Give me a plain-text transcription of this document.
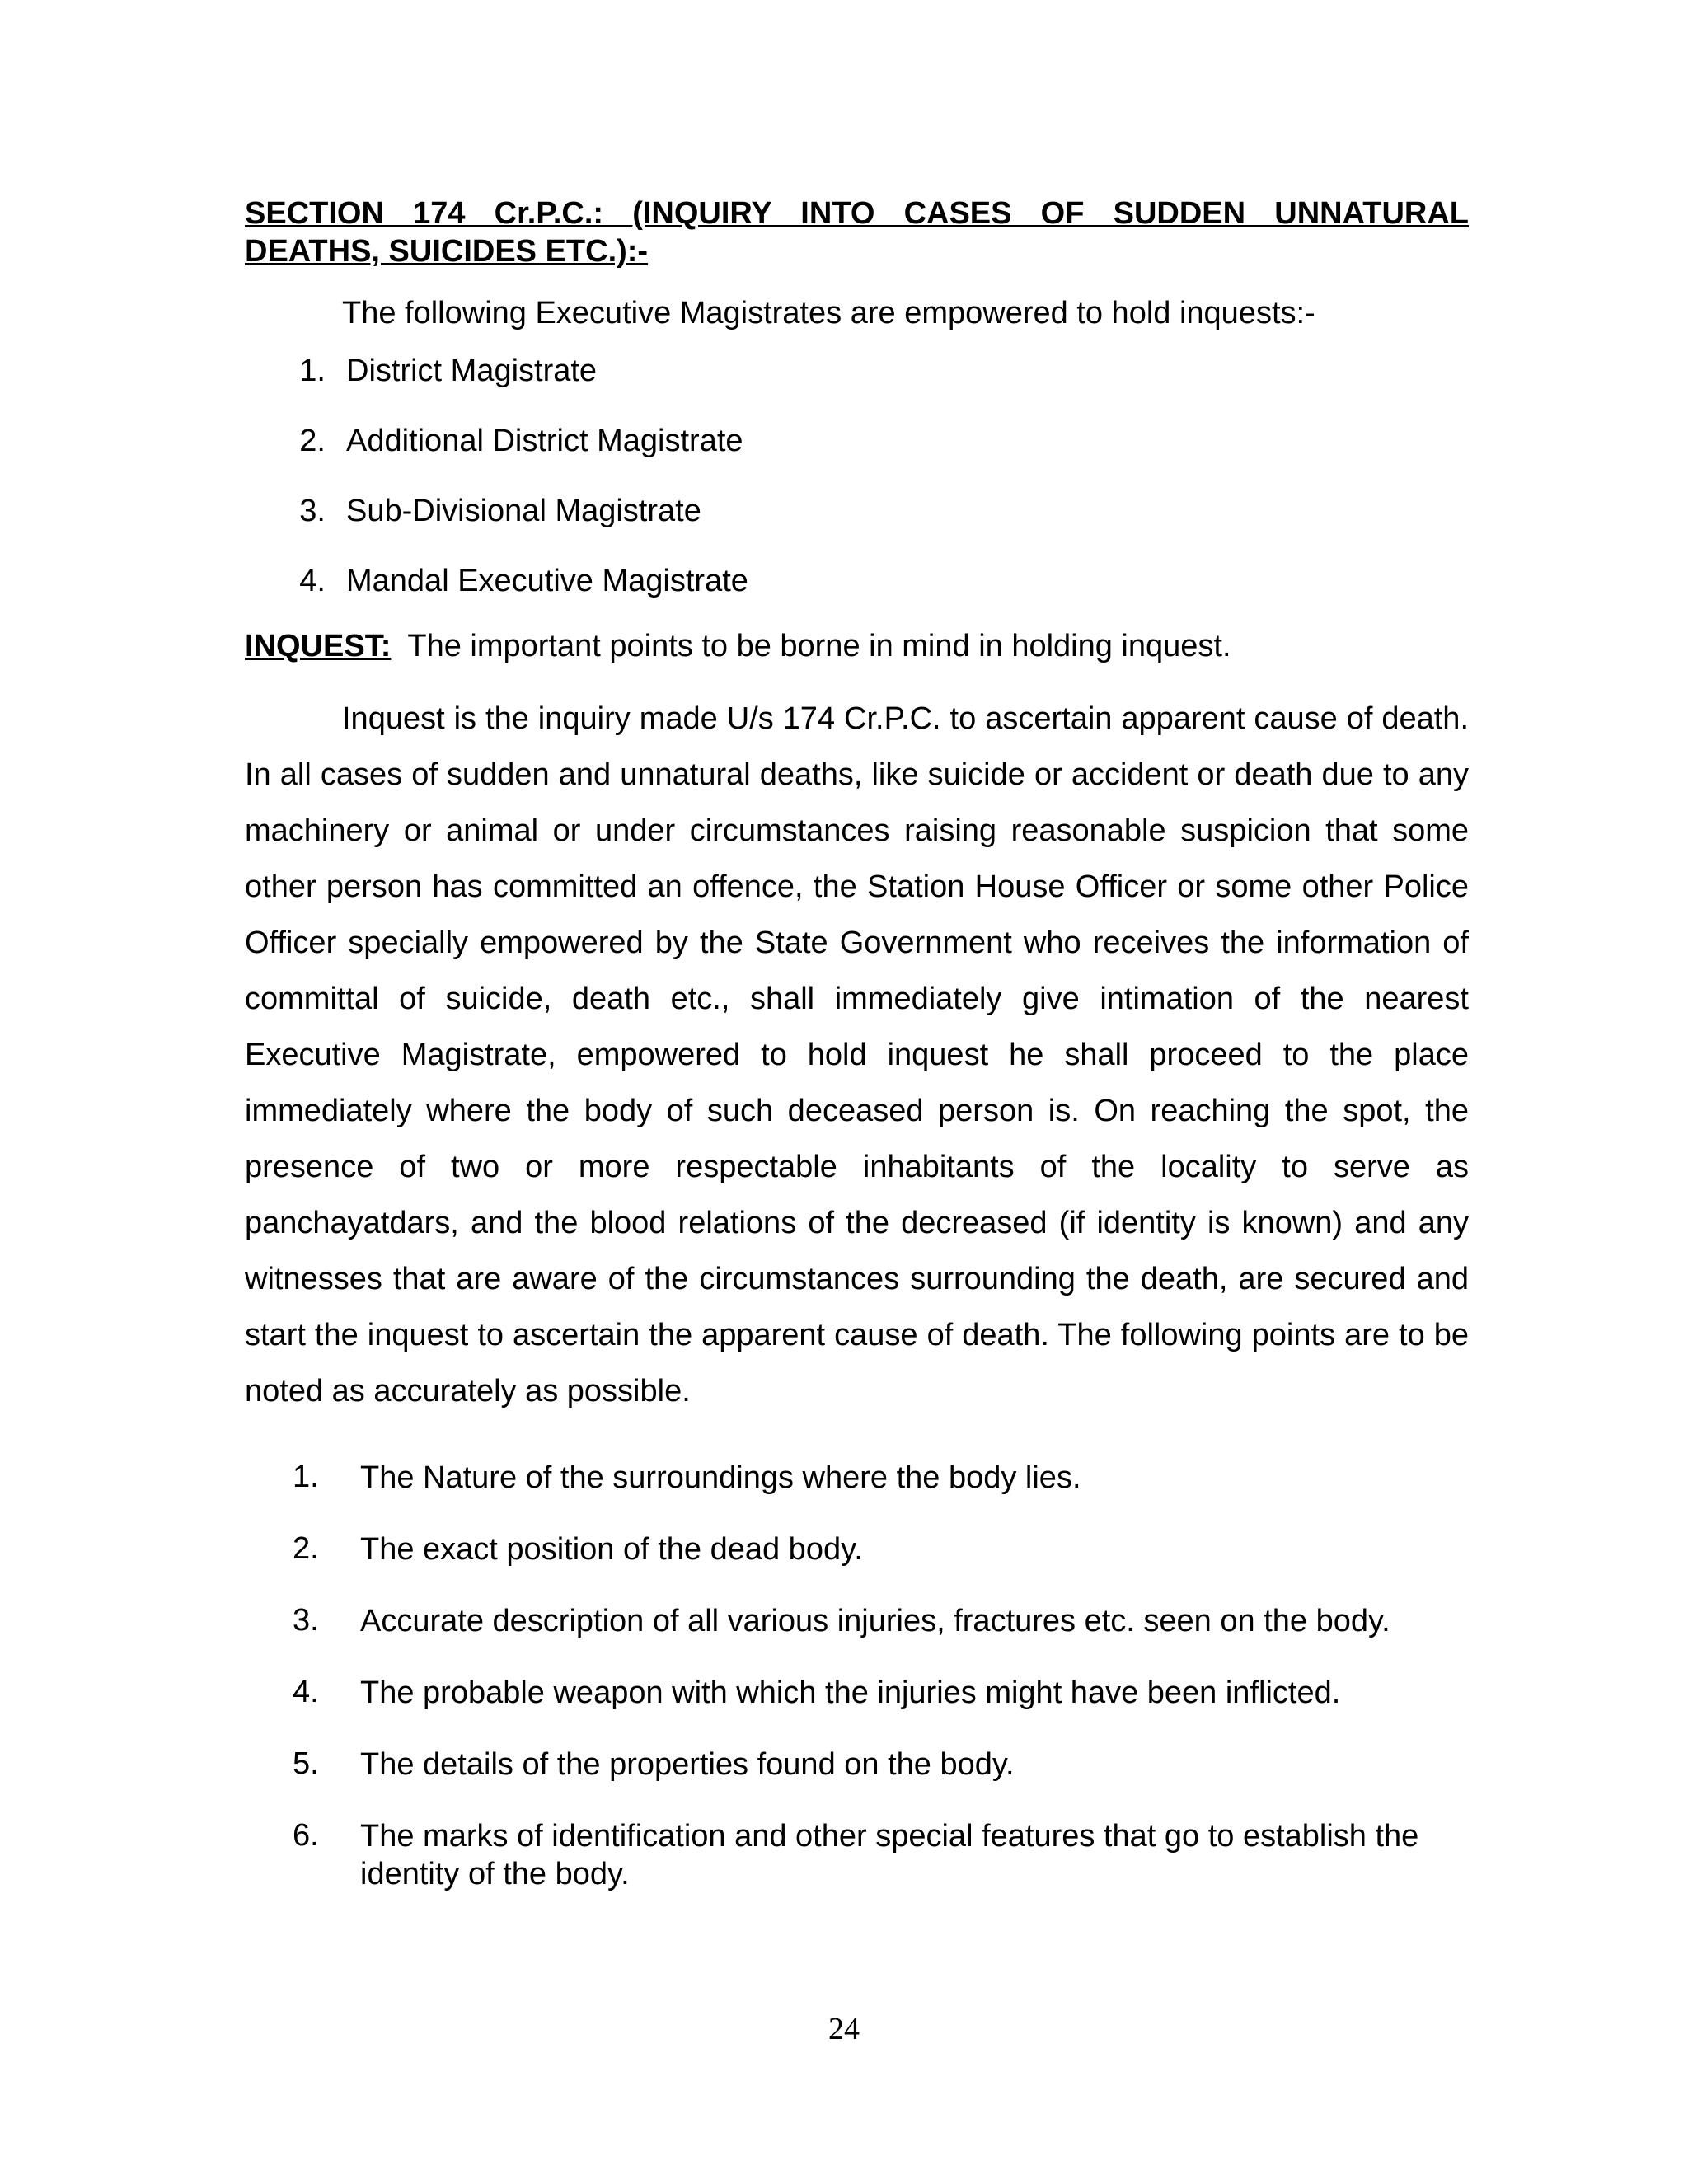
SECTION 174 Cr.P.C.: (INQUIRY INTO CASES OF SUDDEN UNNATURAL
DEATHS, SUICIDES ETC.):-

The following Executive Magistrates are empowered to hold inquests:-

1. District Magistrate
2. Additional District Magistrate
3. Sub-Divisional Magistrate
4. Mandal Executive Magistrate

INQUEST: The important points to be borne in mind in holding inquest.

Inquest is the inquiry made U/s 174 Cr.P.C. to ascertain apparent cause of death. In all cases of sudden and unnatural deaths, like suicide or accident or death due to any machinery or animal or under circumstances raising reasonable suspicion that some other person has committed an offence, the Station House Officer or some other Police Officer specially empowered by the State Government who receives the information of committal of suicide, death etc., shall immediately give intimation of the nearest Executive Magistrate, empowered to hold inquest he shall proceed to the place immediately where the body of such deceased person is. On reaching the spot, the presence of two or more respectable inhabitants of the locality to serve as panchayatdars, and the blood relations of the decreased (if identity is known) and any witnesses that are aware of the circumstances surrounding the death, are secured and start the inquest to ascertain the apparent cause of death. The following points are to be noted as accurately as possible.

1.	The Nature of the surroundings where the body lies.
2.	The exact position of the dead body.
3.	Accurate description of all various injuries, fractures etc. seen on the body.
4.	The probable weapon with which the injuries might have been inflicted.
5.	The details of the properties found on the body.
6.	The marks of identification and other special features that go to establish the identity of the body.
24
